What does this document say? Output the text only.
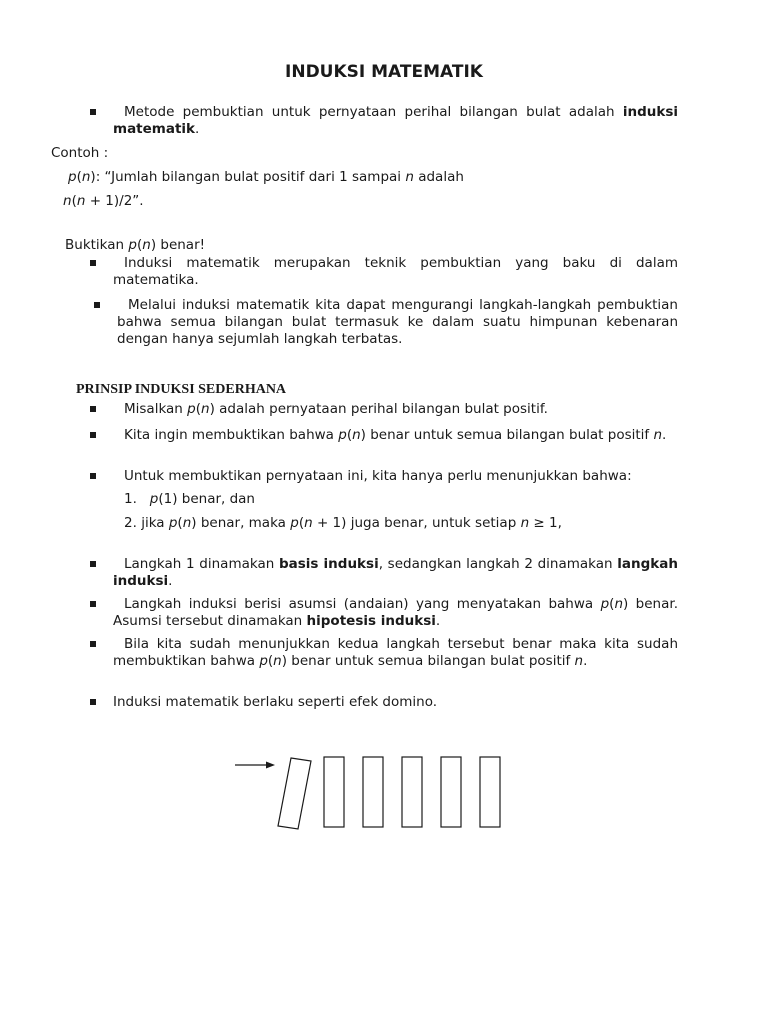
INDUKSI MATEMATIK
Metode pembuktian untuk pernyataan perihal bilangan bulat adalah induksi matematik.
Contoh :
p(n): “Jumlah bilangan bulat positif dari 1 sampai n adalah
n(n + 1)/2”.
Buktikan p(n) benar!
Induksi matematik merupakan teknik pembuktian yang baku di dalam matematika.
Melalui induksi matematik kita dapat mengurangi langkah-langkah pembuktian bahwa semua bilangan bulat termasuk ke dalam suatu himpunan kebenaran dengan hanya sejumlah langkah terbatas.
PRINSIP INDUKSI SEDERHANA
Misalkan p(n) adalah pernyataan perihal bilangan bulat positif.
Kita ingin membuktikan bahwa p(n) benar untuk semua bilangan bulat positif n.
Untuk membuktikan pernyataan ini, kita hanya perlu menunjukkan bahwa:
1. p(1) benar, dan
2. jika p(n) benar, maka p(n + 1) juga benar, untuk setiap n ≥ 1,
Langkah 1 dinamakan basis induksi, sedangkan langkah 2 dinamakan langkah induksi.
Langkah induksi berisi asumsi (andaian) yang menyatakan bahwa p(n) benar. Asumsi tersebut dinamakan hipotesis induksi.
Bila kita sudah menunjukkan kedua langkah tersebut benar maka kita sudah membuktikan bahwa p(n) benar untuk semua bilangan bulat positif n.
Induksi matematik berlaku seperti efek domino.
